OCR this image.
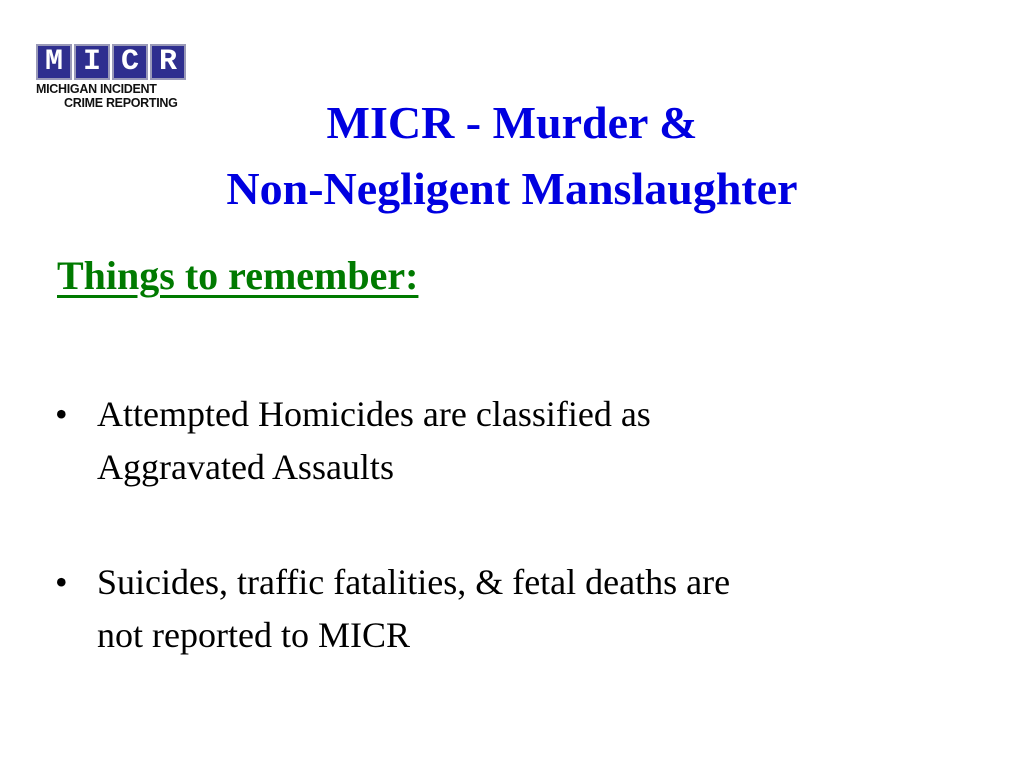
M I C R
MICHIGAN INCIDENT
CRIME REPORTING	MICR - Murder &
Non-Negligent Manslaughter
Things to remember:
• Attempted Homicides are classified as
Aggravated Assaults
• Suicides, traffic fatalities, & fetal deaths are
not reported to MICR
